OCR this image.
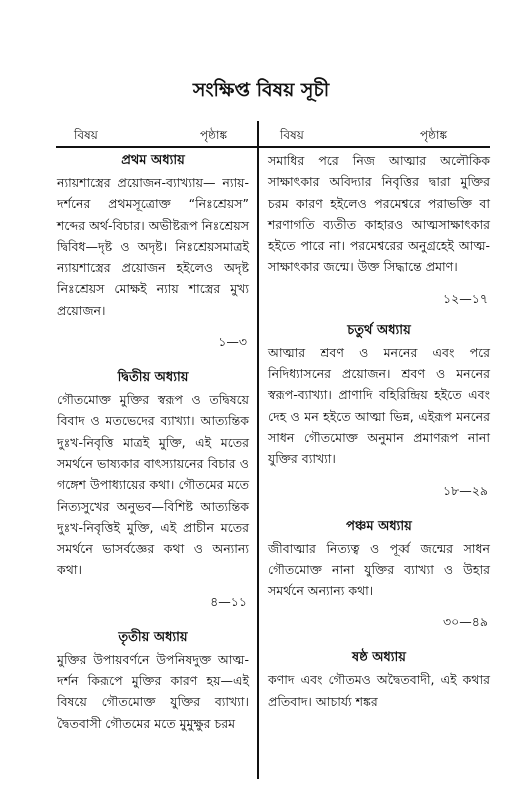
সংক্ষিপ্ত বিষয় সূচী
বিষয়	পৃষ্ঠাঙ্ক	বিষয়	পৃষ্ঠাঙ্ক

প্রথম অধ্যায়

ন্যায়শাস্ত্রের প্রয়োজন-ব্যাখ্যায়— ন্যায়-দর্শনের প্রথমসূত্রোক্ত “নিঃশ্রেয়স” শব্দের অর্থ-বিচার। অভীষ্টরূপ নিঃশ্রেয়স দ্বিবিধ—দৃষ্ট ও অদৃষ্ট। নিঃশ্রেয়সমাত্রই ন্যায়শাস্ত্রের প্রয়োজন হইলেও অদৃষ্ট নিঃশ্রেয়স মোক্ষই ন্যায় শাস্ত্রের মুখ্য প্রয়োজন।

১—৩

দ্বিতীয় অধ্যায়

গৌতমোক্ত মুক্তির স্বরূপ ও তদ্বিষয়ে বিবাদ ও মতভেদের ব্যাখ্যা। আত্যন্তিক দুঃখ-নিবৃত্তি মাত্রই মুক্তি, এই মতের সমর্থনে ভাষ্যকার বাৎস্যায়নের বিচার ও গঙ্গেশ উপাধ্যায়ের কথা। গৌতমের মতে নিত্যসুখের অনুভব—বিশিষ্ট আত্যন্তিক দুঃখ-নিবৃত্তিই মুক্তি, এই প্রাচীন মতের সমর্থনে ভাসর্বজ্ঞের কথা ও অন্যান্য কথা।

৪—১১

তৃতীয় অধ্যায়

মুক্তির উপায়বর্ণনে উপনিষদুক্ত আত্ম-দর্শন কিরূপে মুক্তির কারণ হয়—এই বিষয়ে গৌতমোক্ত যুক্তির ব্যাখ্যা। দ্বৈতবাসী গৌতমের মতে মুমুক্ষুর চরম

সমাধির পরে নিজ আত্মার অলৌকিক সাক্ষাৎকার অবিদ্যার নিবৃত্তির দ্বারা মুক্তির চরম কারণ হইলেও পরমেশ্বরে পরাভক্তি বা শরণাগতি ব্যতীত কাহারও আত্মসাক্ষাৎকার হইতে পারে না। পরমেশ্বরের অনুগ্রহেই আত্ম-সাক্ষাৎকার জন্মে। উক্ত সিদ্ধান্তে প্রমাণ।

১২—১৭

চতুর্থ অধ্যায়

আত্মার শ্রবণ ও মননের এবং পরে নিদিধ্যাসনের প্রয়োজন। শ্রবণ ও মননের স্বরূপ-ব্যাখ্যা। প্রাণাদি বহিরিন্দ্রিয় হইতে এবং দেহ ও মন হইতে আত্মা ভিন্ন, এইরূপ মননের সাধন গৌতমোক্ত অনুমান প্রমাণরূপ নানা যুক্তির ব্যাখ্যা।

১৮—২৯

পঞ্চম অধ্যায়

জীবাত্মার নিত্যত্ব ও পূর্ব্ব জন্মের সাধন গৌতমোক্ত নানা যুক্তির ব্যাখ্যা ও উহার সমর্থনে অন্যান্য কথা।

৩০—৪৯

ষষ্ঠ অধ্যায়

কণাদ এবং গৌতমও অদ্বৈতবাদী, এই কথার প্রতিবাদ। আচার্য্য শঙ্কর
